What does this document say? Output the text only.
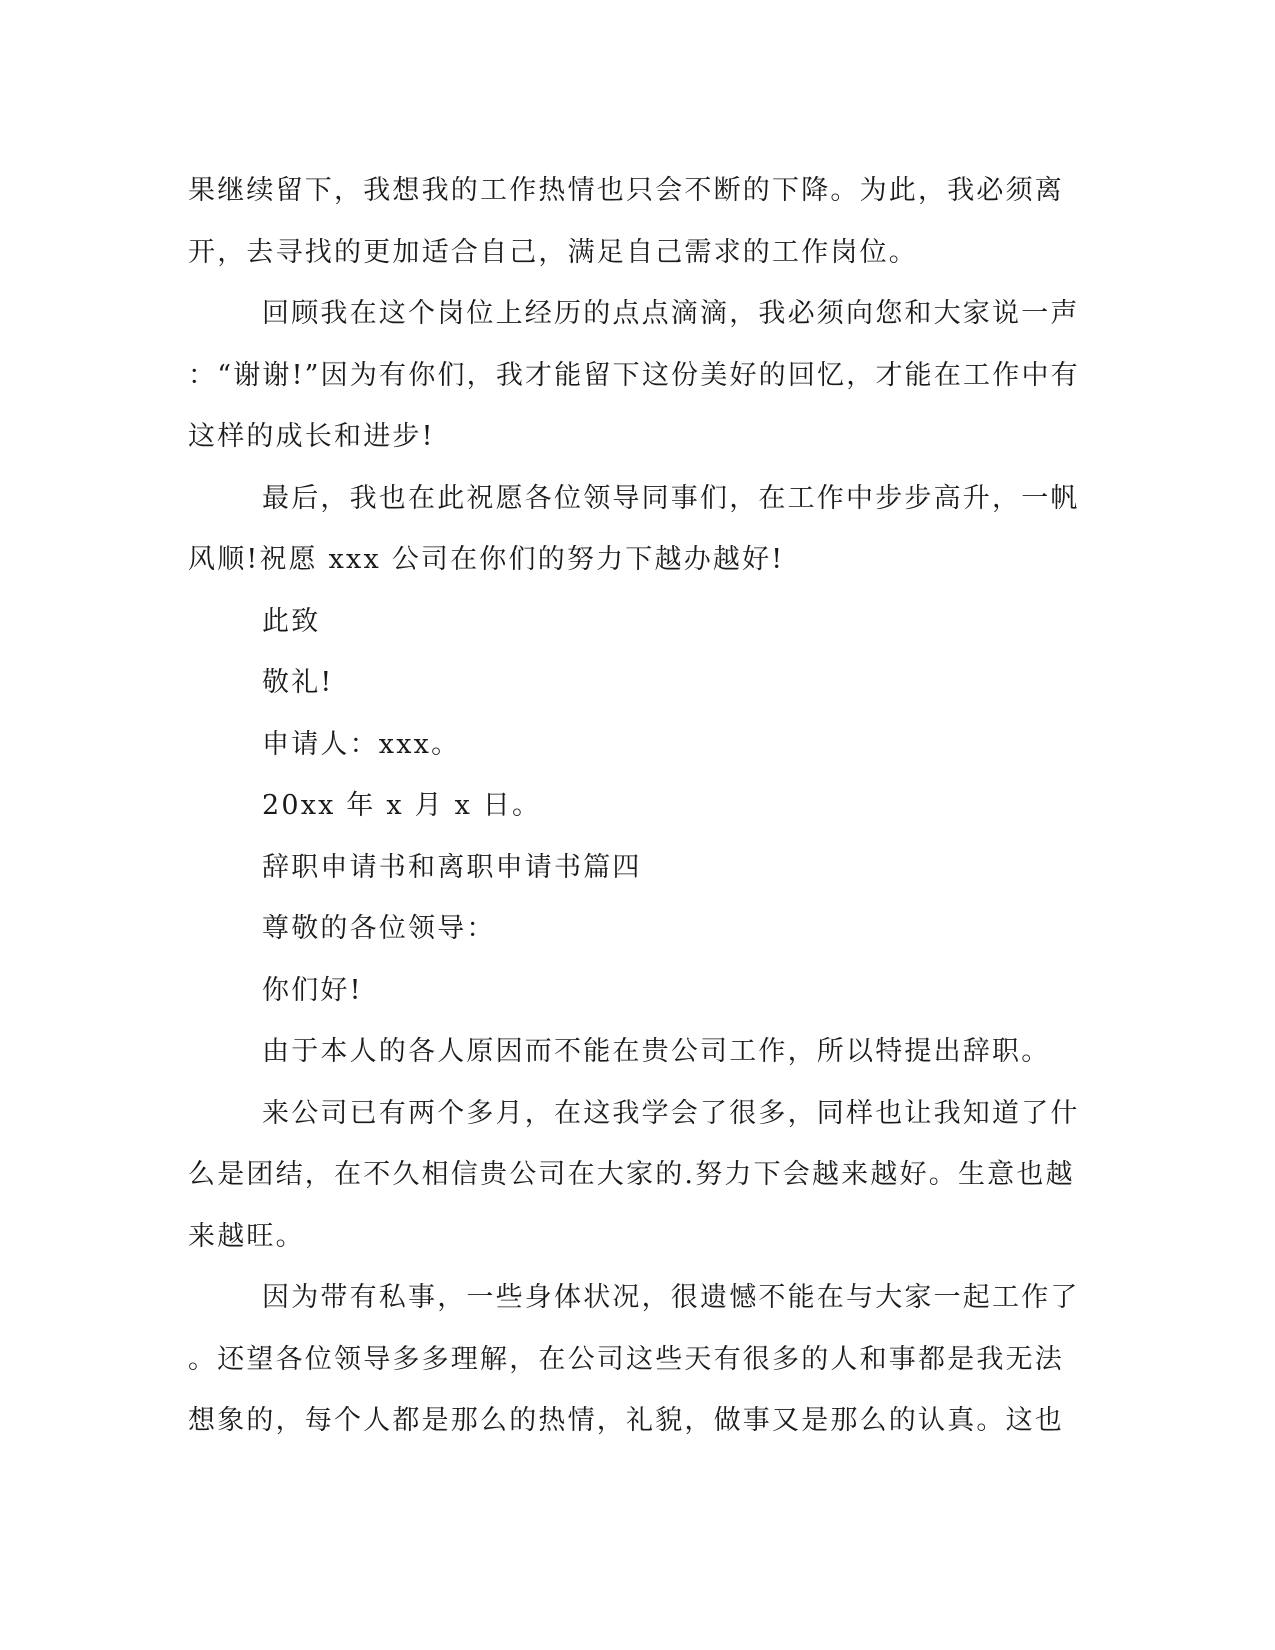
果继续留下，我想我的工作热情也只会不断的下降。为此，我必须离
开，去寻找的更加适合自己，满足自己需求的工作岗位。

回顾我在这个岗位上经历的点点滴滴，我必须向您和大家说一声
：“谢谢!”因为有你们，我才能留下这份美好的回忆，才能在工作中有
这样的成长和进步!

最后，我也在此祝愿各位领导同事们，在工作中步步高升，一帆
风顺!祝愿 xxx 公司在你们的努力下越办越好!

此致

敬礼!

申请人：xxx。

20xx 年 x 月 x 日。

辞职申请书和离职申请书篇四

尊敬的各位领导：

你们好!

由于本人的各人原因而不能在贵公司工作，所以特提出辞职。

来公司已有两个多月，在这我学会了很多，同样也让我知道了什
么是团结，在不久相信贵公司在大家的.努力下会越来越好。生意也越
来越旺。

因为带有私事，一些身体状况，很遗憾不能在与大家一起工作了
。还望各位领导多多理解，在公司这些天有很多的人和事都是我无法
想象的，每个人都是那么的热情，礼貌，做事又是那么的认真。这也
